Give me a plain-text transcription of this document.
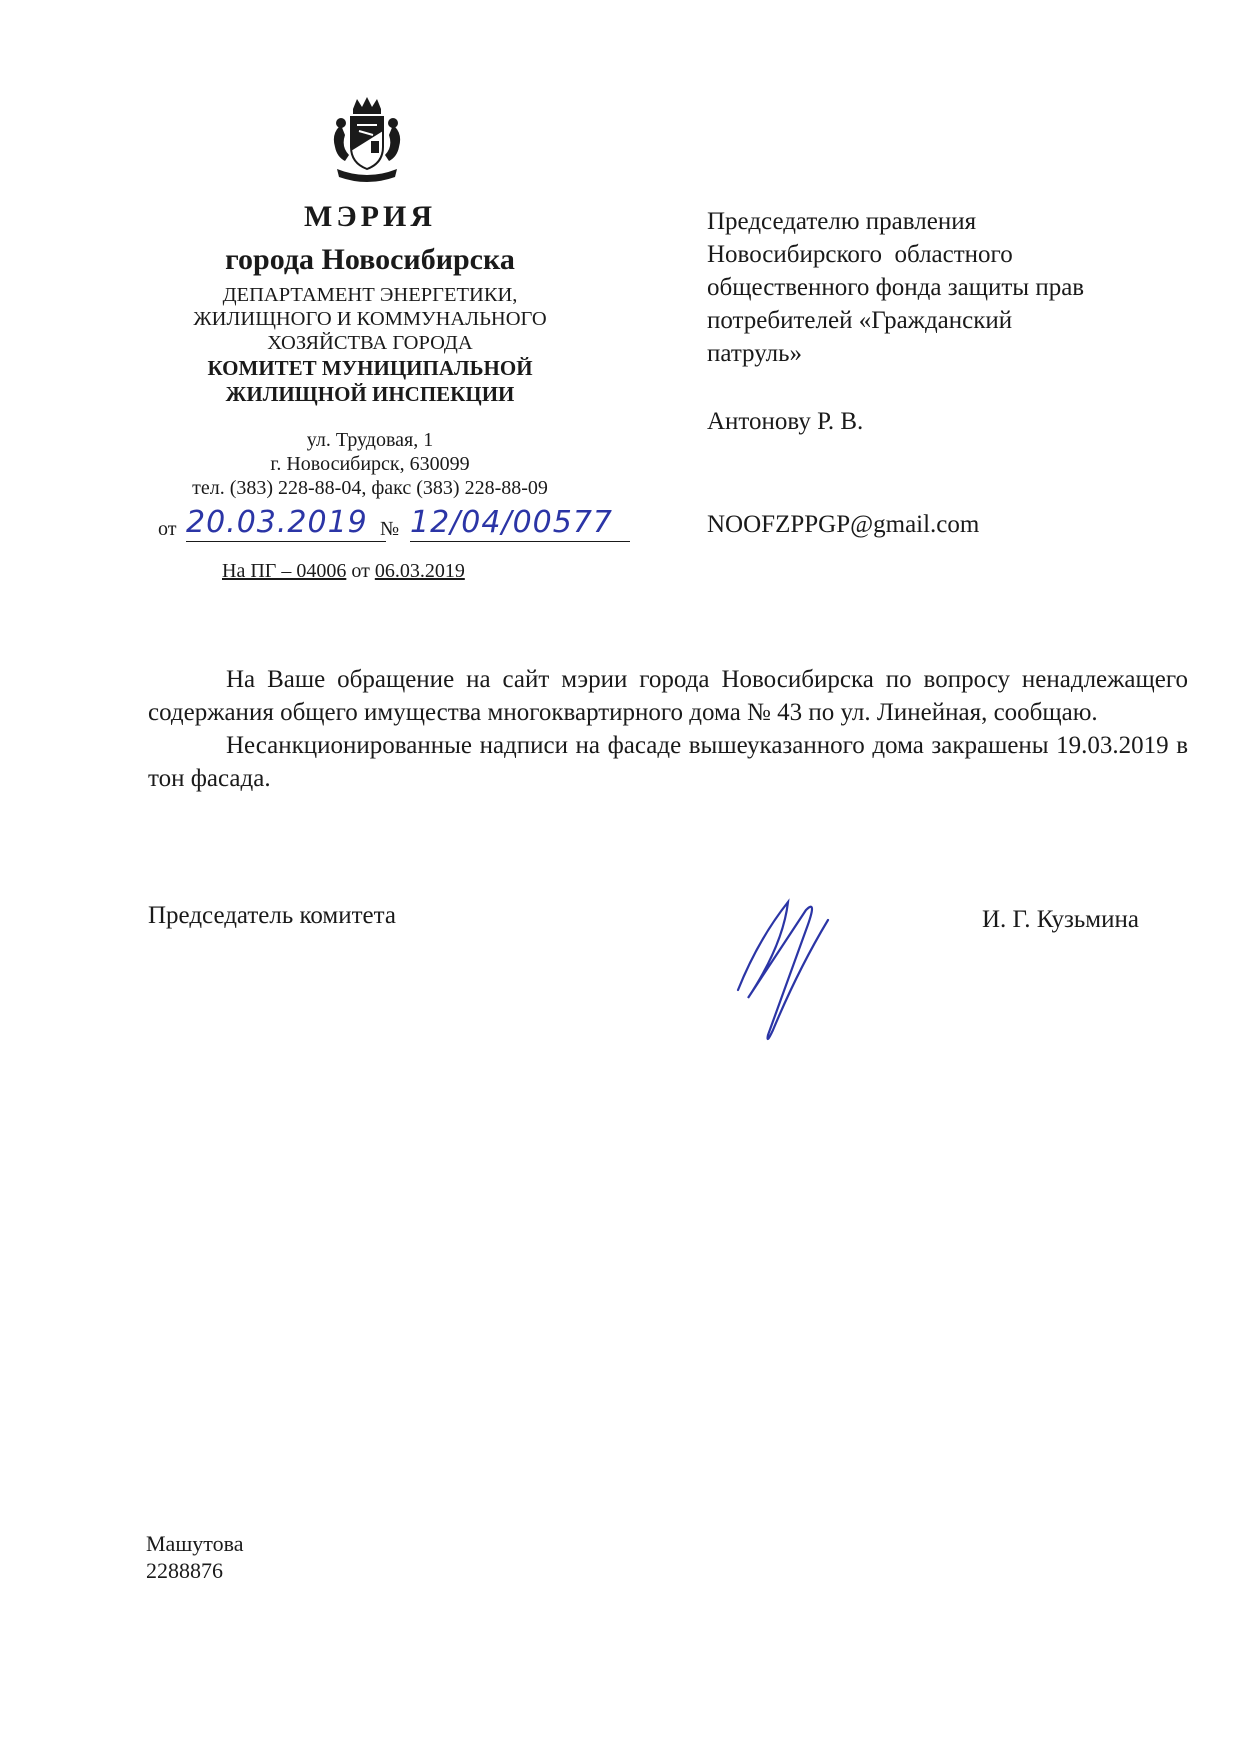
МЭРИЯ
города Новосибирска
ДЕПАРТАМЕНТ ЭНЕРГЕТИКИ,
ЖИЛИЩНОГО И КОММУНАЛЬНОГО
ХОЗЯЙСТВА ГОРОДА
КОМИТЕТ МУНИЦИПАЛЬНОЙ
ЖИЛИЩНОЙ ИНСПЕКЦИИ
ул. Трудовая, 1
г. Новосибирск, 630099
тел. (383) 228-88-04, факс (383) 228-88-09
от 20.03.2019 № 12/04/00577
На ПГ – 04006 от 06.03.2019
Председателю правления
Новосибирского  областного
общественного фонда защиты прав
потребителей «Гражданский
патруль»
Антонову Р. В.
NOOFZPPGP@gmail.com

На Ваше обращение на сайт мэрии города Новосибирска по вопросу ненадлежащего содержания общего имущества многоквартирного дома № 43 по ул. Линейная, сообщаю.

Несанкционированные надписи на фасаде вышеуказанного дома закрашены 19.03.2019 в тон фасада.

Председатель комитета	И. Г. Кузьмина
Машутова
2288876
